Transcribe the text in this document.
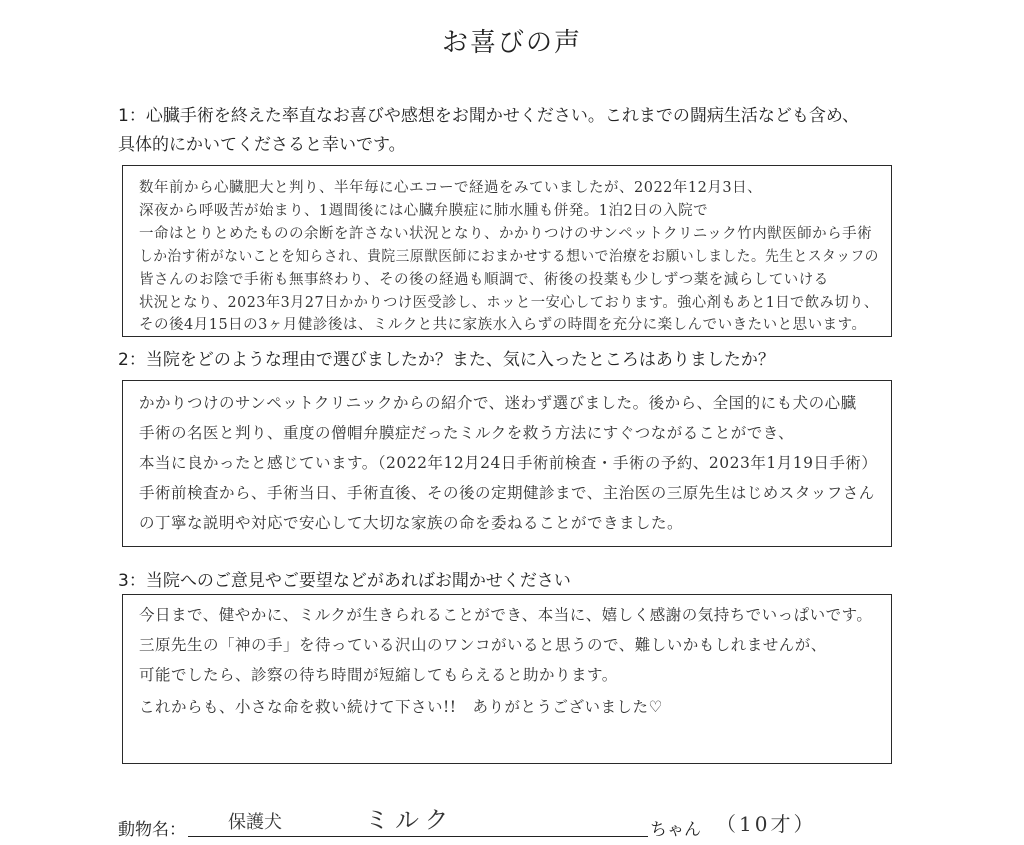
お喜びの声
1：心臓手術を終えた率直なお喜びや感想をお聞かせください。これまでの闘病生活なども含め、
具体的にかいてくださると幸いです。
数年前から心臓肥大と判り、半年毎に心エコーで経過をみていましたが、2022年12月3日、
深夜から呼吸苦が始まり、1週間後には心臓弁膜症に肺水腫も併発。1泊2日の入院で
一命はとりとめたものの余断を許さない状況となり、かかりつけのサンペットクリニック竹内獣医師から手術
しか治す術がないことを知らされ、貴院三原獣医師におまかせする想いで治療をお願いしました。先生とスタッフの
皆さんのお陰で手術も無事終わり、その後の経過も順調で、術後の投薬も少しずつ薬を減らしていける
状況となり、2023年3月27日かかりつけ医受診し、ホッと一安心しております。強心剤もあと1日で飲み切り、
その後4月15日の3ヶ月健診後は、ミルクと共に家族水入らずの時間を充分に楽しんでいきたいと思います。
2：当院をどのような理由で選びましたか？また、気に入ったところはありましたか？
かかりつけのサンペットクリニックからの紹介で、迷わず選びました。後から、全国的にも犬の心臓
手術の名医と判り、重度の僧帽弁膜症だったミルクを救う方法にすぐつながることができ、
本当に良かったと感じています。（2022年12月24日手術前検査・手術の予約、2023年1月19日手術）
手術前検査から、手術当日、手術直後、その後の定期健診まで、主治医の三原先生はじめスタッフさん
の丁寧な説明や対応で安心して大切な家族の命を委ねることができました。
3：当院へのご意見やご要望などがあればお聞かせください
今日まで、健やかに、ミルクが生きられることができ、本当に、嬉しく感謝の気持ちでいっぱいです。
三原先生の「神の手」を待っている沢山のワンコがいると思うので、難しいかもしれませんが、
可能でしたら、診察の待ち時間が短縮してもらえると助かります。
これからも、小さな命を救い続けて下さい!!　ありがとうございました♡
動物名： 保護犬	ミルク	ちゃん （10才）
